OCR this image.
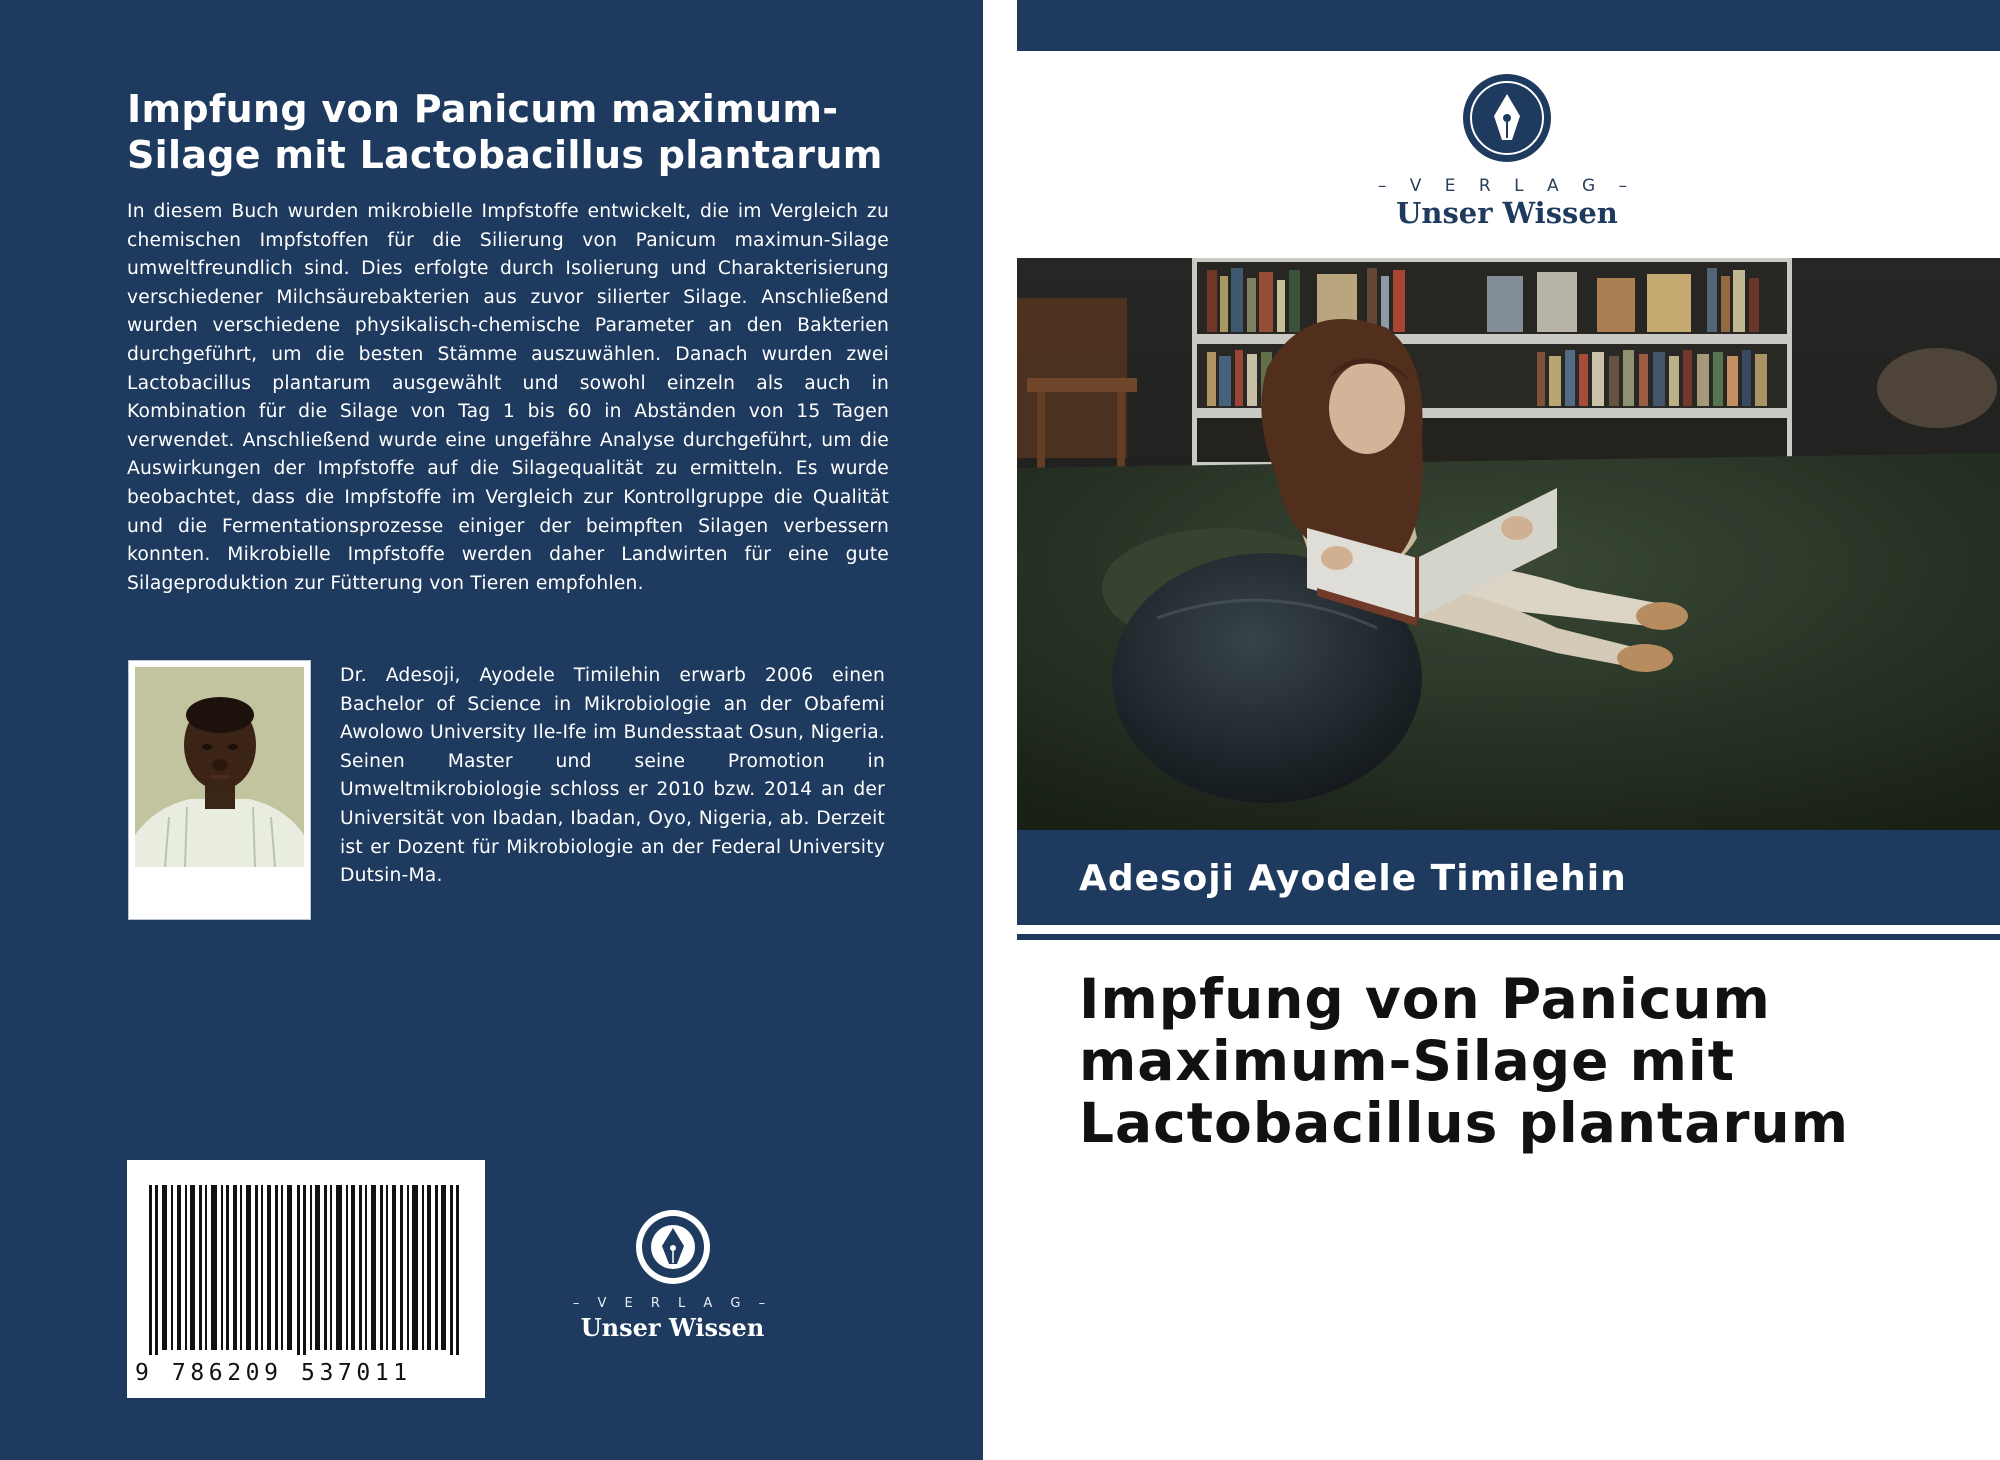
Impfung von Panicum maximum-Silage mit Lactobacillus plantarum

In diesem Buch wurden mikrobielle Impfstoffe entwickelt, die im Vergleich zu chemischen Impfstoffen für die Silierung von Panicum maximun-Silage umweltfreundlich sind. Dies erfolgte durch Isolierung und Charakterisierung verschiedener Milchsäurebakterien aus zuvor silierter Silage. Anschließend wurden verschiedene physikalisch-chemische Parameter an den Bakterien durchgeführt, um die besten Stämme auszuwählen. Danach wurden zwei Lactobacillus plantarum ausgewählt und sowohl einzeln als auch in Kombination für die Silage von Tag 1 bis 60 in Abständen von 15 Tagen verwendet. Anschließend wurde eine ungefähre Analyse durchgeführt, um die Auswirkungen der Impfstoffe auf die Silagequalität zu ermitteln. Es wurde beobachtet, dass die Impfstoffe im Vergleich zur Kontrollgruppe die Qualität und die Fermentationsprozesse einiger der beimpften Silagen verbessern konnten. Mikrobielle Impfstoffe werden daher Landwirten für eine gute Silageproduktion zur Fütterung von Tieren empfohlen.

Dr. Adesoji, Ayodele Timilehin erwarb 2006 einen Bachelor of Science in Mikrobiologie an der Obafemi Awolowo University Ile-Ife im Bundesstaat Osun, Nigeria. Seinen Master und seine Promotion in Umweltmikrobiologie schloss er 2010 bzw. 2014 an der Universität von Ibadan, Ibadan, Oyo, Nigeria, ab. Derzeit ist er Dozent für Mikrobiologie an der Federal University Dutsin-Ma.

9 786209 537011
– V E R L A G –
Unser Wissen
– V E R L A G –
Unser Wissen
Adesoji Ayodele Timilehin
Impfung von Panicum maximum-Silage mit Lactobacillus plantarum
